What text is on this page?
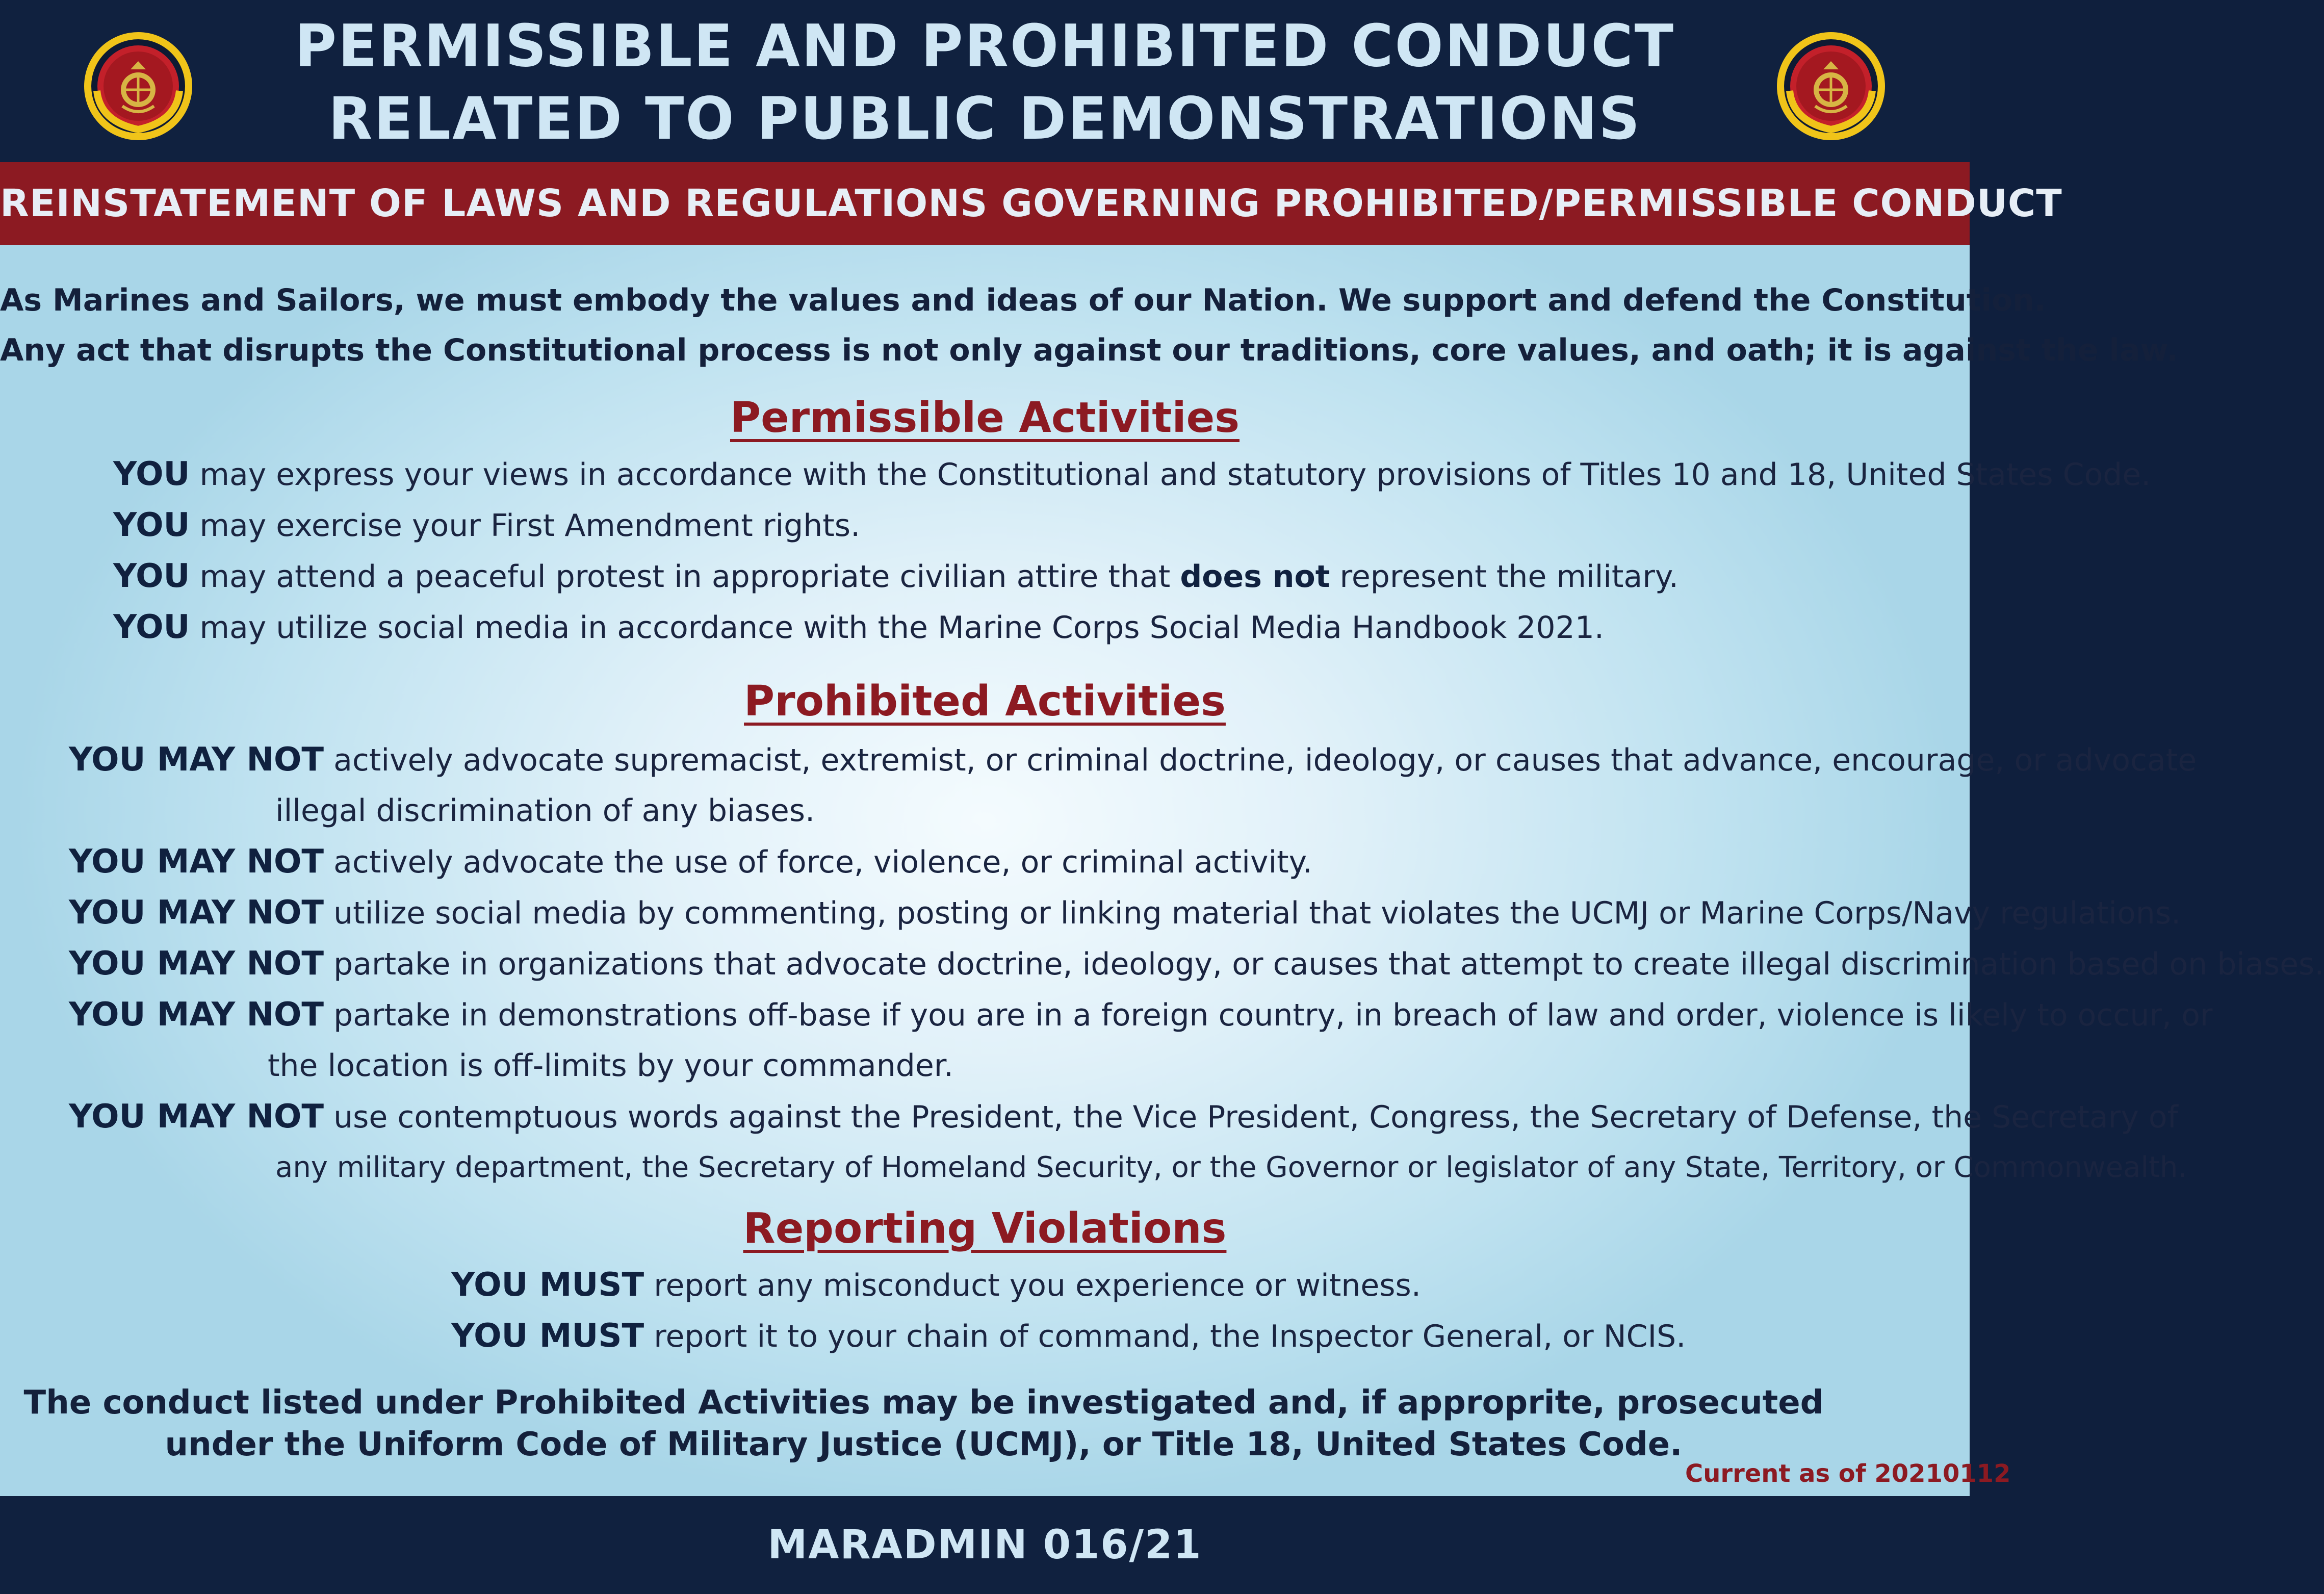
PERMISSIBLE AND PROHIBITED CONDUCT
RELATED TO PUBLIC DEMONSTRATIONS
REINSTATEMENT OF LAWS AND REGULATIONS GOVERNING PROHIBITED/PERMISSIBLE CONDUCT
As Marines and Sailors, we must embody the values and ideas of our Nation. We support and defend the Constitution.
Any act that disrupts the Constitutional process is not only against our traditions, core values, and oath; it is against the law.
Permissible Activities
YOU may express your views in accordance with the Constitutional and statutory provisions of Titles 10 and 18, United States Code.
YOU may exercise your First Amendment rights.
YOU may attend a peaceful protest in appropriate civilian attire that does not represent the military.
YOU may utilize social media in accordance with the Marine Corps Social Media Handbook 2021.
Prohibited Activities
YOU MAY NOT actively advocate supremacist, extremist, or criminal doctrine, ideology, or causes that advance, encourage, or advocate
illegal discrimination of any biases.
YOU MAY NOT actively advocate the use of force, violence, or criminal activity.
YOU MAY NOT utilize social media by commenting, posting or linking material that violates the UCMJ or Marine Corps/Navy regulations.
YOU MAY NOT partake in organizations that advocate doctrine, ideology, or causes that attempt to create illegal discrimination based on biases.
YOU MAY NOT partake in demonstrations off-base if you are in a foreign country, in breach of law and order, violence is likely to occur, or
the location is off-limits by your commander.
YOU MAY NOT use contemptuous words against the President, the Vice President, Congress, the Secretary of Defense, the Secretary of
any military department, the Secretary of Homeland Security, or the Governor or legislator of any State, Territory, or Commonwealth.
Reporting Violations
YOU MUST report any misconduct you experience or witness.
YOU MUST report it to your chain of command, the Inspector General, or NCIS.
The conduct listed under Prohibited Activities may be investigated and, if approprite, prosecuted
under the Uniform Code of Military Justice (UCMJ), or Title 18, United States Code.
Current as of 20210112
MARADMIN 016/21
